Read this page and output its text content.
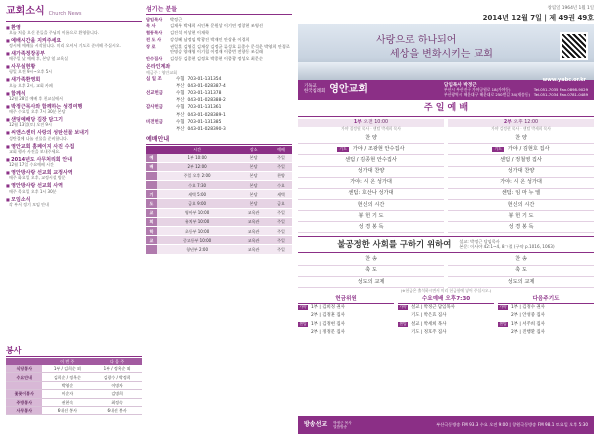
교회소식 Church News
■ 환영
오늘 처음 오신 분들을 주님의 이름으로 환영합니다.
■ 예배시간을 지켜주세요
정시에 예배를 시작합니다. 미리 오셔서 기도로 준비해 주십시오.
■ 새가족정장공부
매주일 낮 예배 후, 본당 옆 교육실
■ 사무실현황
평일 오전 9시~오후 5시
■ 새가족환영회
오늘 오후 2시, 교회 카페
■ 함께식
12월 28일 예배 후 친교실에서
■ 박정근목사와 함께하는 성경여행
매주 수요일 오후 7시 30분 본당
■ 샌딩예배당 김장 담그기
12월 13일(토) 오전 9시
■ 씨앤스센터 사랑의 성탄선물 보내기
성탄절에 나눌 선물을 준비합니다.
■ 영안교회 홈페이지 사진 수집
교회 행사 사진을 보내주세요.
■ 2014년도 사무처리회 안내
12월 17일 수요예배 시간
■ 영안방사랑 선교회 교정사역
매주 화요일 오후, 교정시설 방문
■ 영안방사랑 선교회 사역
매주 목요일 오후 1시 30분
■ 모임소식
각 부서 정기 모임 안내
봉사
	이 번 주	다 음 주
식당봉사	1부 / 김희순 외	1부 / 정옥순 외
수요안내	김희순 / 정옥순	김광수 / 박정희
	박영순	이명자
꽃꽂이봉사	이순자	김명희
주방봉사	권현숙	최정숙
사무봉사	6내선 봉사	6내선 봉사
섬기는 분들
담임목사	박정근
목 사	김재우 박세희 서인복 문원상 이기연 정창현 조영선
협동목사	김진석 이상현 이재학
전 도 사	강성혜 남정임 박광진 박재인 안상윤 이경희
장 로	권일훈 김영길 김재상 김정균 류성호 류종수 문석운 박영희 안경로 안명승 양재영 이기철 이정재 이종번 전향동 조길래
안수집사	김성동 김종현 김정호 박종현 이종광 정성오 최문순
온라인계좌
예금주 : 영안교회
십 일 조	수협 703-01-131354
부산 043-01-028387-4
선교헌금	수협 703-01-131378
부산 043-01-028388-2
감사헌금	수협 703-01-131361
부산 043-01-028389-1
비전헌금	수협 703-01-131385
부산 043-01-028390-3
예배안내
	시간	장소	예배
예	1부 10:00	본당	주일
배	2부 12:00	본당	주일
	주일 오후 2:00	본당	찬양
	수요 7:30	본당	수요
기	새벽 5:00	본당	새벽
도	금요 9:00	본당	금요
교	영아부 10:00	교육관	주일
회	유치부 10:00	교육관	주일
학	초등부 10:00	교육관	주일
교	중고등부 10:00	교육관	주일
	청년부 2:00	교육관	주일
창립일 1964년 1월 1일
2014년 12월 7일 | 제 49권 49호
사랑으로 하나되어
세상을 변화시키는 교회
기독교
한국침례회 영안교회	담임목사 박정근
부산시 부산진구 가야공원로 18(가야동)
부산광역시 해운대구 해운대로 250번길 34(재송동)
Tel.051-7035 Fax.0898-9029
Tel.051-7034 Fax.0781-0489
www.yabc.or.kr
주 일 예 배
1부 오전 10:00
가야 집정원 목사 · 센텀 박세희 목사
찬 양
기도	가야 / 조광현 안수집사
센텀 / 김종현 안수집사
성가대 찬양
가야: 시 온 성가대
센텀: 호산나 성가대
헌신의 시간
봉 헌 기 도
성 경 봉 독
2부 오후 12:00
가야 김정현 목사 · 센텀 박세희 목사
찬 양
기도	가야 / 김현호 집사
센텀 / 정철영 집사
성가대 찬양
가야: 시 온 성가대
센텀: 임 마 누 엘
헌신의 시간
봉 헌 기 도
성 경 봉 독
불공정한 사회를 구하기 위하여 설교: 박정근 담임목사
본문: 이사야 42:1~4, 8ㄱ절 (구약 p.1016, 1063)
찬 송
축 도
성도의 교제
찬 송
축 도
성도의 교제
(※헌금은 출석하시면서 미리 헌금함에 넣어 주십시오.)
헌금위원
가야 1부 | 김희정 권사
2부 | 김정훈 집사
센텀 1부 | 김정현 집사
2부 | 정정문 집사
수요예배 오후7:30
가야 설교 | 박정근 담임목사
기도 | 박은효 집사
센텀 설교 | 박세희 목사
기도 | 정호주 집사
다음주기도
가야 1부 | 김정수 권사
2부 | 안성중 집사
센텀 1부 | 서주희 집사
2부 | 진행환 집사
방송선교 박정근 목사
말씀방송	부산극동방송 FM 93.3 수요 오전 9:00 | 창원극동방송 FM 98.1 토요일 오후 5:30
